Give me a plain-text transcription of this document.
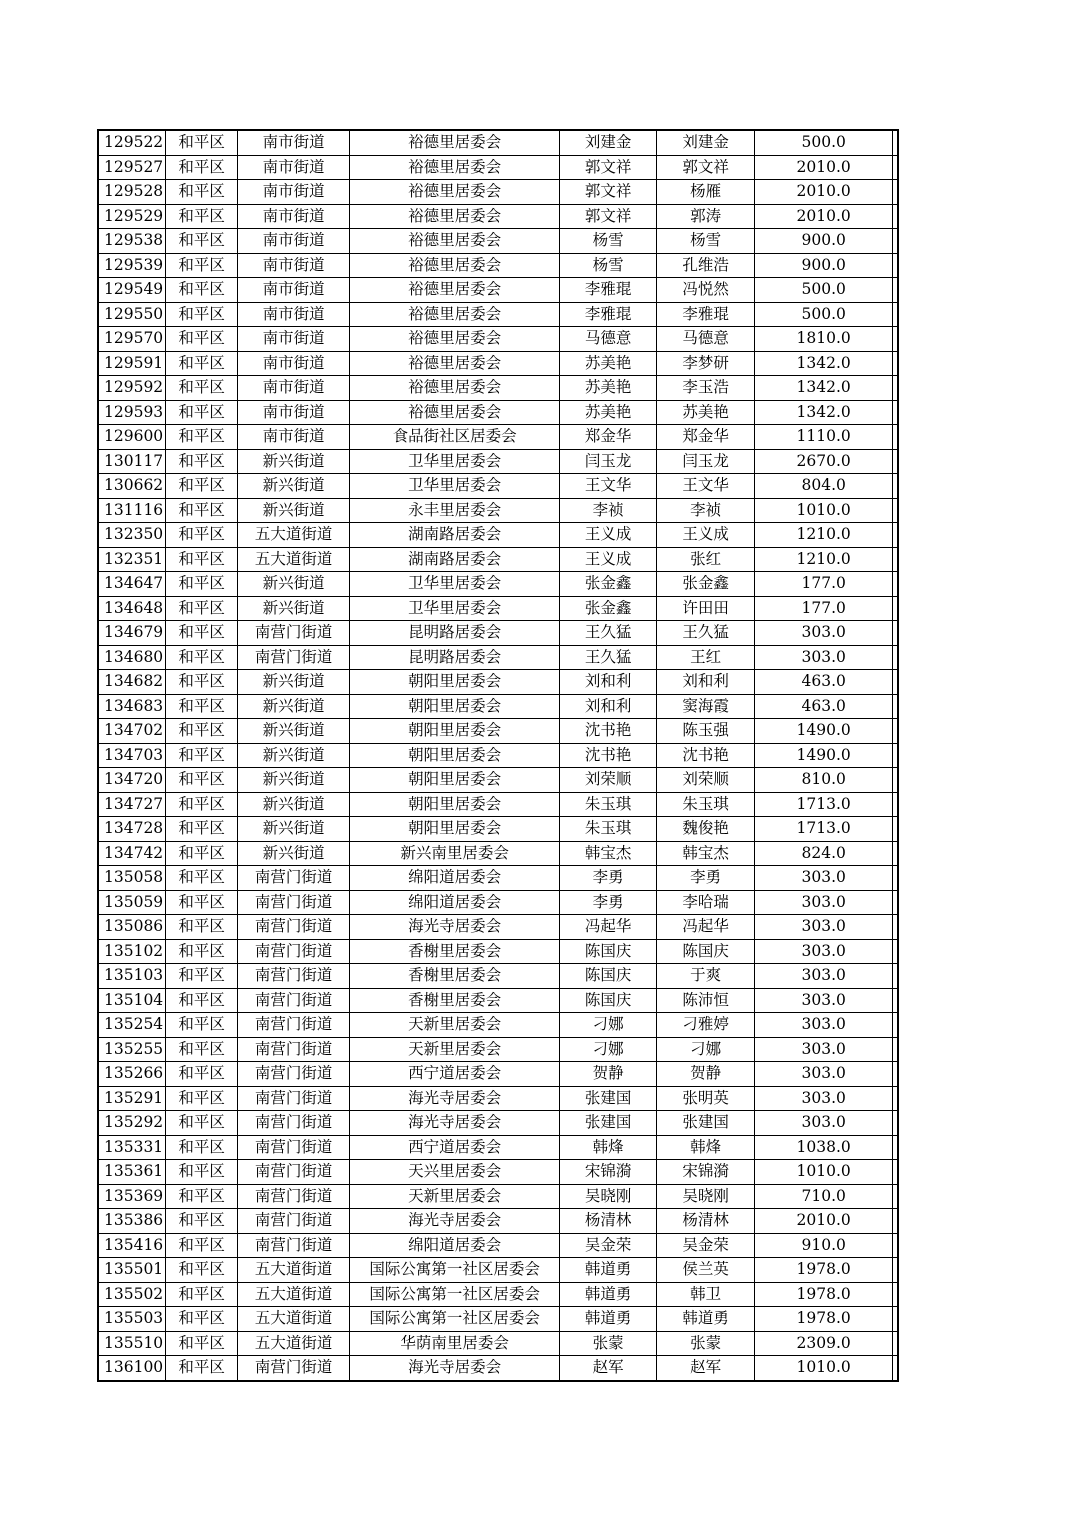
129522	和平区	南市街道	裕德里居委会	刘建金	刘建金	500.0	
129527	和平区	南市街道	裕德里居委会	郭文祥	郭文祥	2010.0	
129528	和平区	南市街道	裕德里居委会	郭文祥	杨雁	2010.0	
129529	和平区	南市街道	裕德里居委会	郭文祥	郭涛	2010.0	
129538	和平区	南市街道	裕德里居委会	杨雪	杨雪	900.0	
129539	和平区	南市街道	裕德里居委会	杨雪	孔维浩	900.0	
129549	和平区	南市街道	裕德里居委会	李雅琨	冯悦然	500.0	
129550	和平区	南市街道	裕德里居委会	李雅琨	李雅琨	500.0	
129570	和平区	南市街道	裕德里居委会	马德意	马德意	1810.0	
129591	和平区	南市街道	裕德里居委会	苏美艳	李梦研	1342.0	
129592	和平区	南市街道	裕德里居委会	苏美艳	李玉浩	1342.0	
129593	和平区	南市街道	裕德里居委会	苏美艳	苏美艳	1342.0	
129600	和平区	南市街道	食品街社区居委会	郑金华	郑金华	1110.0	
130117	和平区	新兴街道	卫华里居委会	闫玉龙	闫玉龙	2670.0	
130662	和平区	新兴街道	卫华里居委会	王文华	王文华	804.0	
131116	和平区	新兴街道	永丰里居委会	李祯	李祯	1010.0	
132350	和平区	五大道街道	湖南路居委会	王义成	王义成	1210.0	
132351	和平区	五大道街道	湖南路居委会	王义成	张红	1210.0	
134647	和平区	新兴街道	卫华里居委会	张金鑫	张金鑫	177.0	
134648	和平区	新兴街道	卫华里居委会	张金鑫	许田田	177.0	
134679	和平区	南营门街道	昆明路居委会	王久猛	王久猛	303.0	
134680	和平区	南营门街道	昆明路居委会	王久猛	王红	303.0	
134682	和平区	新兴街道	朝阳里居委会	刘和利	刘和利	463.0	
134683	和平区	新兴街道	朝阳里居委会	刘和利	窦海霞	463.0	
134702	和平区	新兴街道	朝阳里居委会	沈书艳	陈玉强	1490.0	
134703	和平区	新兴街道	朝阳里居委会	沈书艳	沈书艳	1490.0	
134720	和平区	新兴街道	朝阳里居委会	刘荣顺	刘荣顺	810.0	
134727	和平区	新兴街道	朝阳里居委会	朱玉琪	朱玉琪	1713.0	
134728	和平区	新兴街道	朝阳里居委会	朱玉琪	魏俊艳	1713.0	
134742	和平区	新兴街道	新兴南里居委会	韩宝杰	韩宝杰	824.0	
135058	和平区	南营门街道	绵阳道居委会	李勇	李勇	303.0	
135059	和平区	南营门街道	绵阳道居委会	李勇	李哈瑞	303.0	
135086	和平区	南营门街道	海光寺居委会	冯起华	冯起华	303.0	
135102	和平区	南营门街道	香榭里居委会	陈国庆	陈国庆	303.0	
135103	和平区	南营门街道	香榭里居委会	陈国庆	于爽	303.0	
135104	和平区	南营门街道	香榭里居委会	陈国庆	陈沛恒	303.0	
135254	和平区	南营门街道	天新里居委会	刁娜	刁雅婷	303.0	
135255	和平区	南营门街道	天新里居委会	刁娜	刁娜	303.0	
135266	和平区	南营门街道	西宁道居委会	贺静	贺静	303.0	
135291	和平区	南营门街道	海光寺居委会	张建国	张明英	303.0	
135292	和平区	南营门街道	海光寺居委会	张建国	张建国	303.0	
135331	和平区	南营门街道	西宁道居委会	韩烽	韩烽	1038.0	
135361	和平区	南营门街道	天兴里居委会	宋锦漪	宋锦漪	1010.0	
135369	和平区	南营门街道	天新里居委会	吴晓刚	吴晓刚	710.0	
135386	和平区	南营门街道	海光寺居委会	杨清林	杨清林	2010.0	
135416	和平区	南营门街道	绵阳道居委会	吴金荣	吴金荣	910.0	
135501	和平区	五大道街道	国际公寓第一社区居委会	韩道勇	侯兰英	1978.0	
135502	和平区	五大道街道	国际公寓第一社区居委会	韩道勇	韩卫	1978.0	
135503	和平区	五大道街道	国际公寓第一社区居委会	韩道勇	韩道勇	1978.0	
135510	和平区	五大道街道	华荫南里居委会	张蒙	张蒙	2309.0	
136100	和平区	南营门街道	海光寺居委会	赵军	赵军	1010.0	
